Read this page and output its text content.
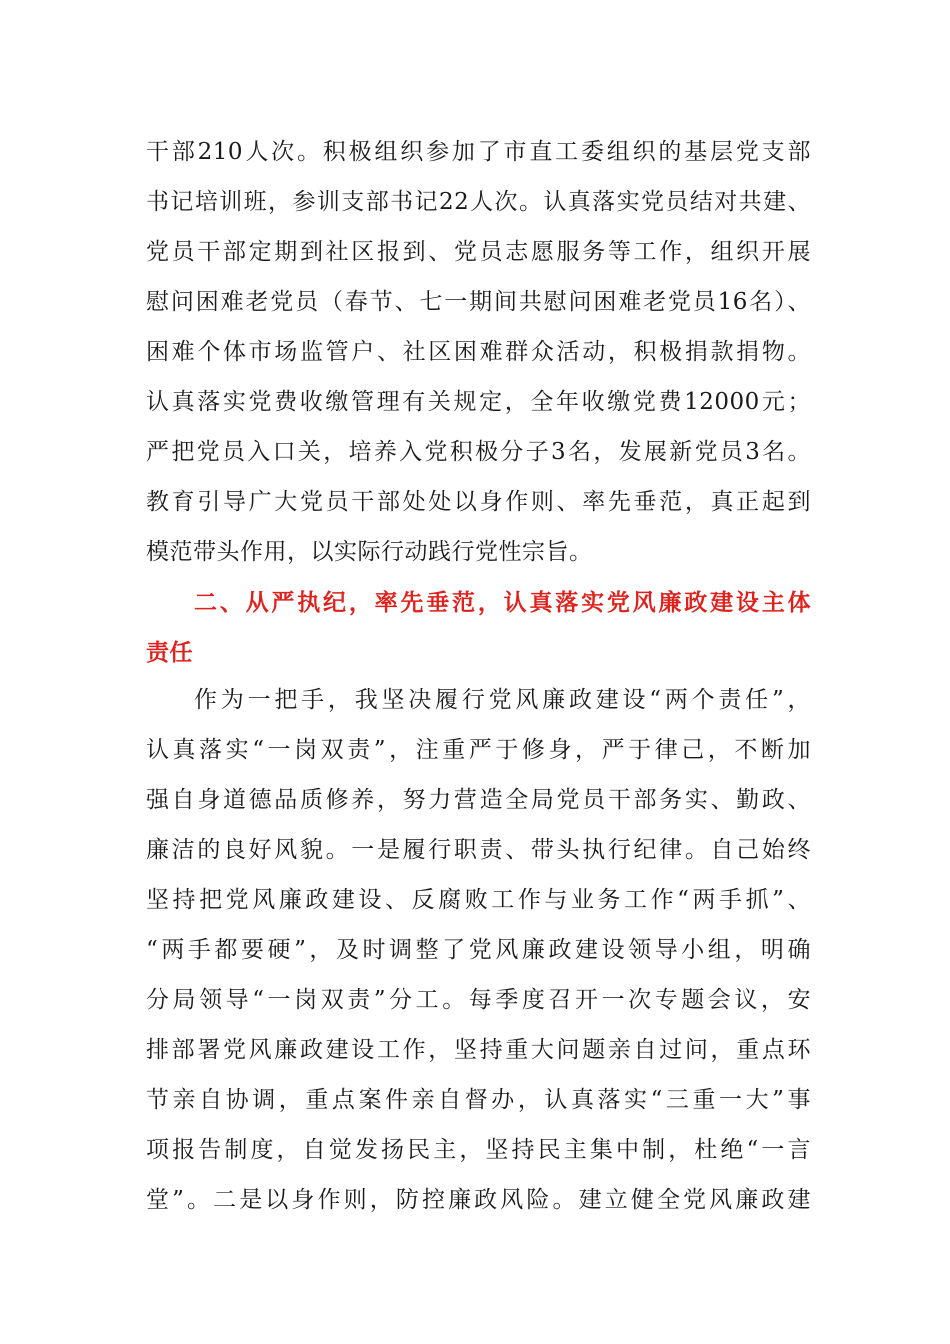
干部210人次。积极组织参加了市直工委组织的基层党支部
书记培训班，参训支部书记22人次。认真落实党员结对共建、
党员干部定期到社区报到、党员志愿服务等工作，组织开展
慰问困难老党员（春节、七一期间共慰问困难老党员16名）、
困难个体市场监管户、社区困难群众活动，积极捐款捐物。
认真落实党费收缴管理有关规定，全年收缴党费12000元；
严把党员入口关，培养入党积极分子3名，发展新党员3名。
教育引导广大党员干部处处以身作则、率先垂范，真正起到
模范带头作用，以实际行动践行党性宗旨。
二、从严执纪，率先垂范，认真落实党风廉政建设主体
责任
作为一把手，我坚决履行党风廉政建设“两个责任”，
认真落实“一岗双责”，注重严于修身，严于律己，不断加
强自身道德品质修养，努力营造全局党员干部务实、勤政、
廉洁的良好风貌。一是履行职责、带头执行纪律。自己始终
坚持把党风廉政建设、反腐败工作与业务工作“两手抓”、
“两手都要硬”，及时调整了党风廉政建设领导小组，明确
分局领导“一岗双责”分工。每季度召开一次专题会议，安
排部署党风廉政建设工作，坚持重大问题亲自过问，重点环
节亲自协调，重点案件亲自督办，认真落实“三重一大”事
项报告制度，自觉发扬民主，坚持民主集中制，杜绝“一言
堂”。二是以身作则，防控廉政风险。建立健全党风廉政建
